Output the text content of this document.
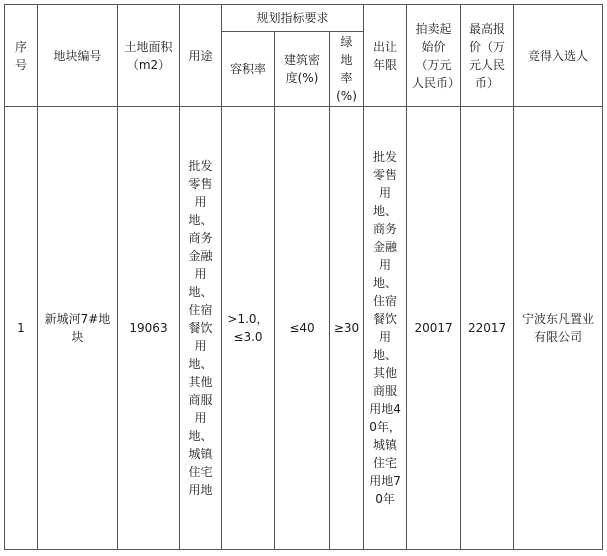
序号	地块编号	土地面积（m2）	用途	规划指标要求			出让年限	拍卖起始价（万元人民币）	最高报价（万元人民币）	竞得入选人
				容积率	建筑密度(%)	绿地率(%)				
1	新城河7#地块	19063	批发零售用地、商务金融用地、住宿餐饮用地、其他商服用地、城镇住宅用地	>1.0，≤3.0	≤40	≥30	批发零售用地、商务金融用地、住宿餐饮用地、其他商服用地40年，城镇住宅用地70年	20017	22017	宁波东凡置业有限公司
